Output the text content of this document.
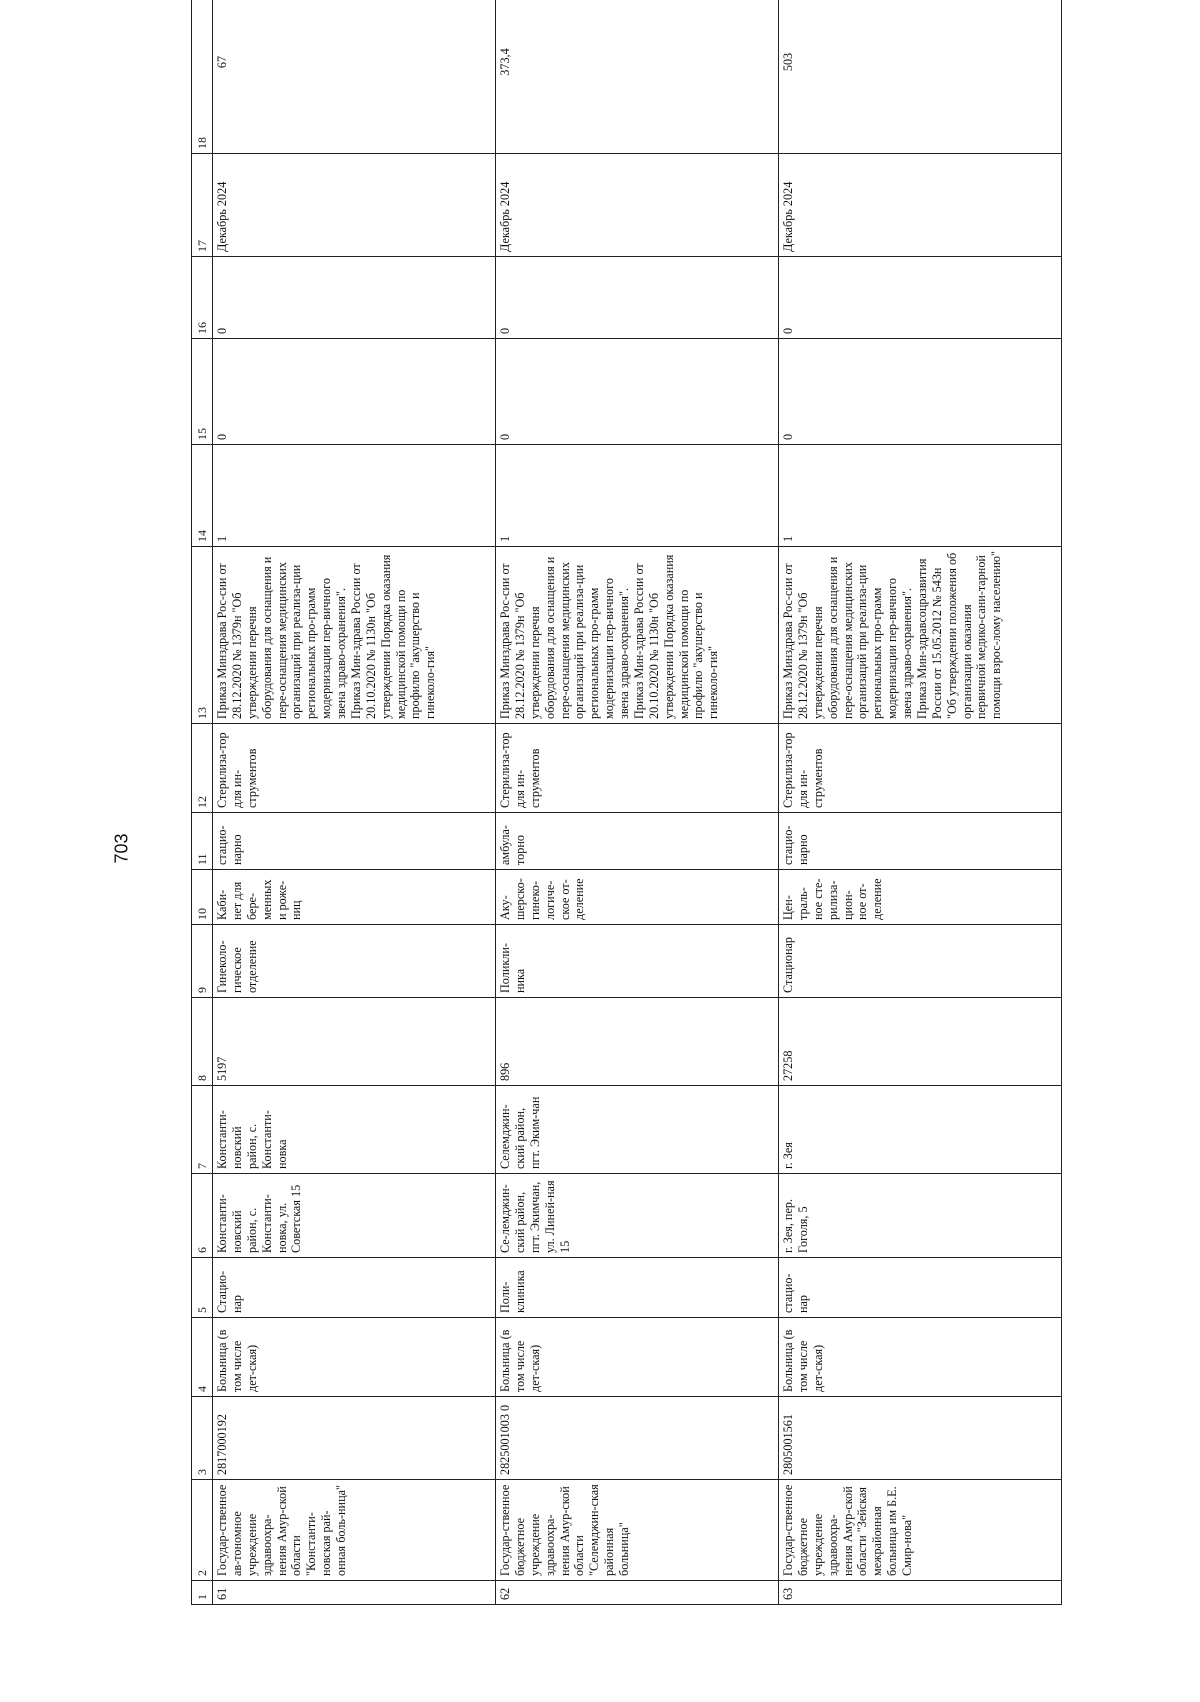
703
1	2	3	4	5	6	7	8	9	10	11	12	13	14	15	16	17	18
61	Государ-ственное ав-тономное учреждение здравоохра-нения Амур-ской области "Константи-новская рай-онная боль-ница"	2817000192	Больница (в том числе дет-ская)	Стацио-нар	Константи-новский район, с. Константи-новка, ул. Советская 15	Константи-новский район, с. Константи-новка	5197	Гинеколо-гическое отделение	Каби-нет для бере-менных и роже-ниц	стацио-нарно	Стерилиза-тор для ин-струментов	Приказ Минздрава Рос-сии от 28.12.2020 № 1379н "Об утверждении перечня оборудования для оснащения и пере-оснащения медицинских организаций при реализа-ции региональных про-грамм модернизации пер-вичного звена здраво-охранения". Приказ Мин-здрава России от 20.10.2020 № 1130н "Об утверждении Порядка оказания медицинской помощи по профилю "акушерство и гинеколо-гия"	1	0	0	Декабрь 2024	67
62	Государ-ственное бюджетное учреждение здравоохра-нения Амур-ской области "Селемджин-ская районная больница"	2825001003 0	Больница (в том числе дет-ская)	Поли-клиника	Се-лемджин-ский район, пгт. Экимчан, ул. Линей-ная 15	Селемджин-ский район, пгт. Эким-чан	896	Поликли-ника	Аку-шерско-гинеко-логиче-ское от-деление	амбула-торно	Стерилиза-тор для ин-струментов	Приказ Минздрава Рос-сии от 28.12.2020 № 1379н "Об утверждении перечня оборудования для оснащения и пере-оснащения медицинских организаций при реализа-ции региональных про-грамм модернизации пер-вичного звена здраво-охранения". Приказ Мин-здрава России от 20.10.2020 № 1130н "Об утверждении Порядка оказания медицинской помощи по профилю "акушерство и гинеколо-гия"	1	0	0	Декабрь 2024	373,4
63	Государ-ственное бюджетное учреждение здравоохра-нения Амур-ской области "Зейская межрайонная больница им Б.Е. Смир-нова"	2805001561	Больница (в том числе дет-ская)	стацио-нар	г. Зея, пер. Гоголя, 5	г. Зея	27258	Стационар	Цен-траль-ное сте-рилиза-цион-ное от-деление	стацио-нарно	Стерилиза-тор для ин-струментов	Приказ Минздрава Рос-сии от 28.12.2020 № 1379н "Об утверждении перечня оборудования для оснащения и пере-оснащения медицинских организаций при реализа-ции региональных про-грамм модернизации пер-вичного звена здраво-охранения". Приказ Мин-здравсоцразвития России от 15.05.2012 № 543н "Об утверждении положения об организации оказания первичной медико-сани-тарной помощи взрос-лому населению"	1	0	0	Декабрь 2024	503
